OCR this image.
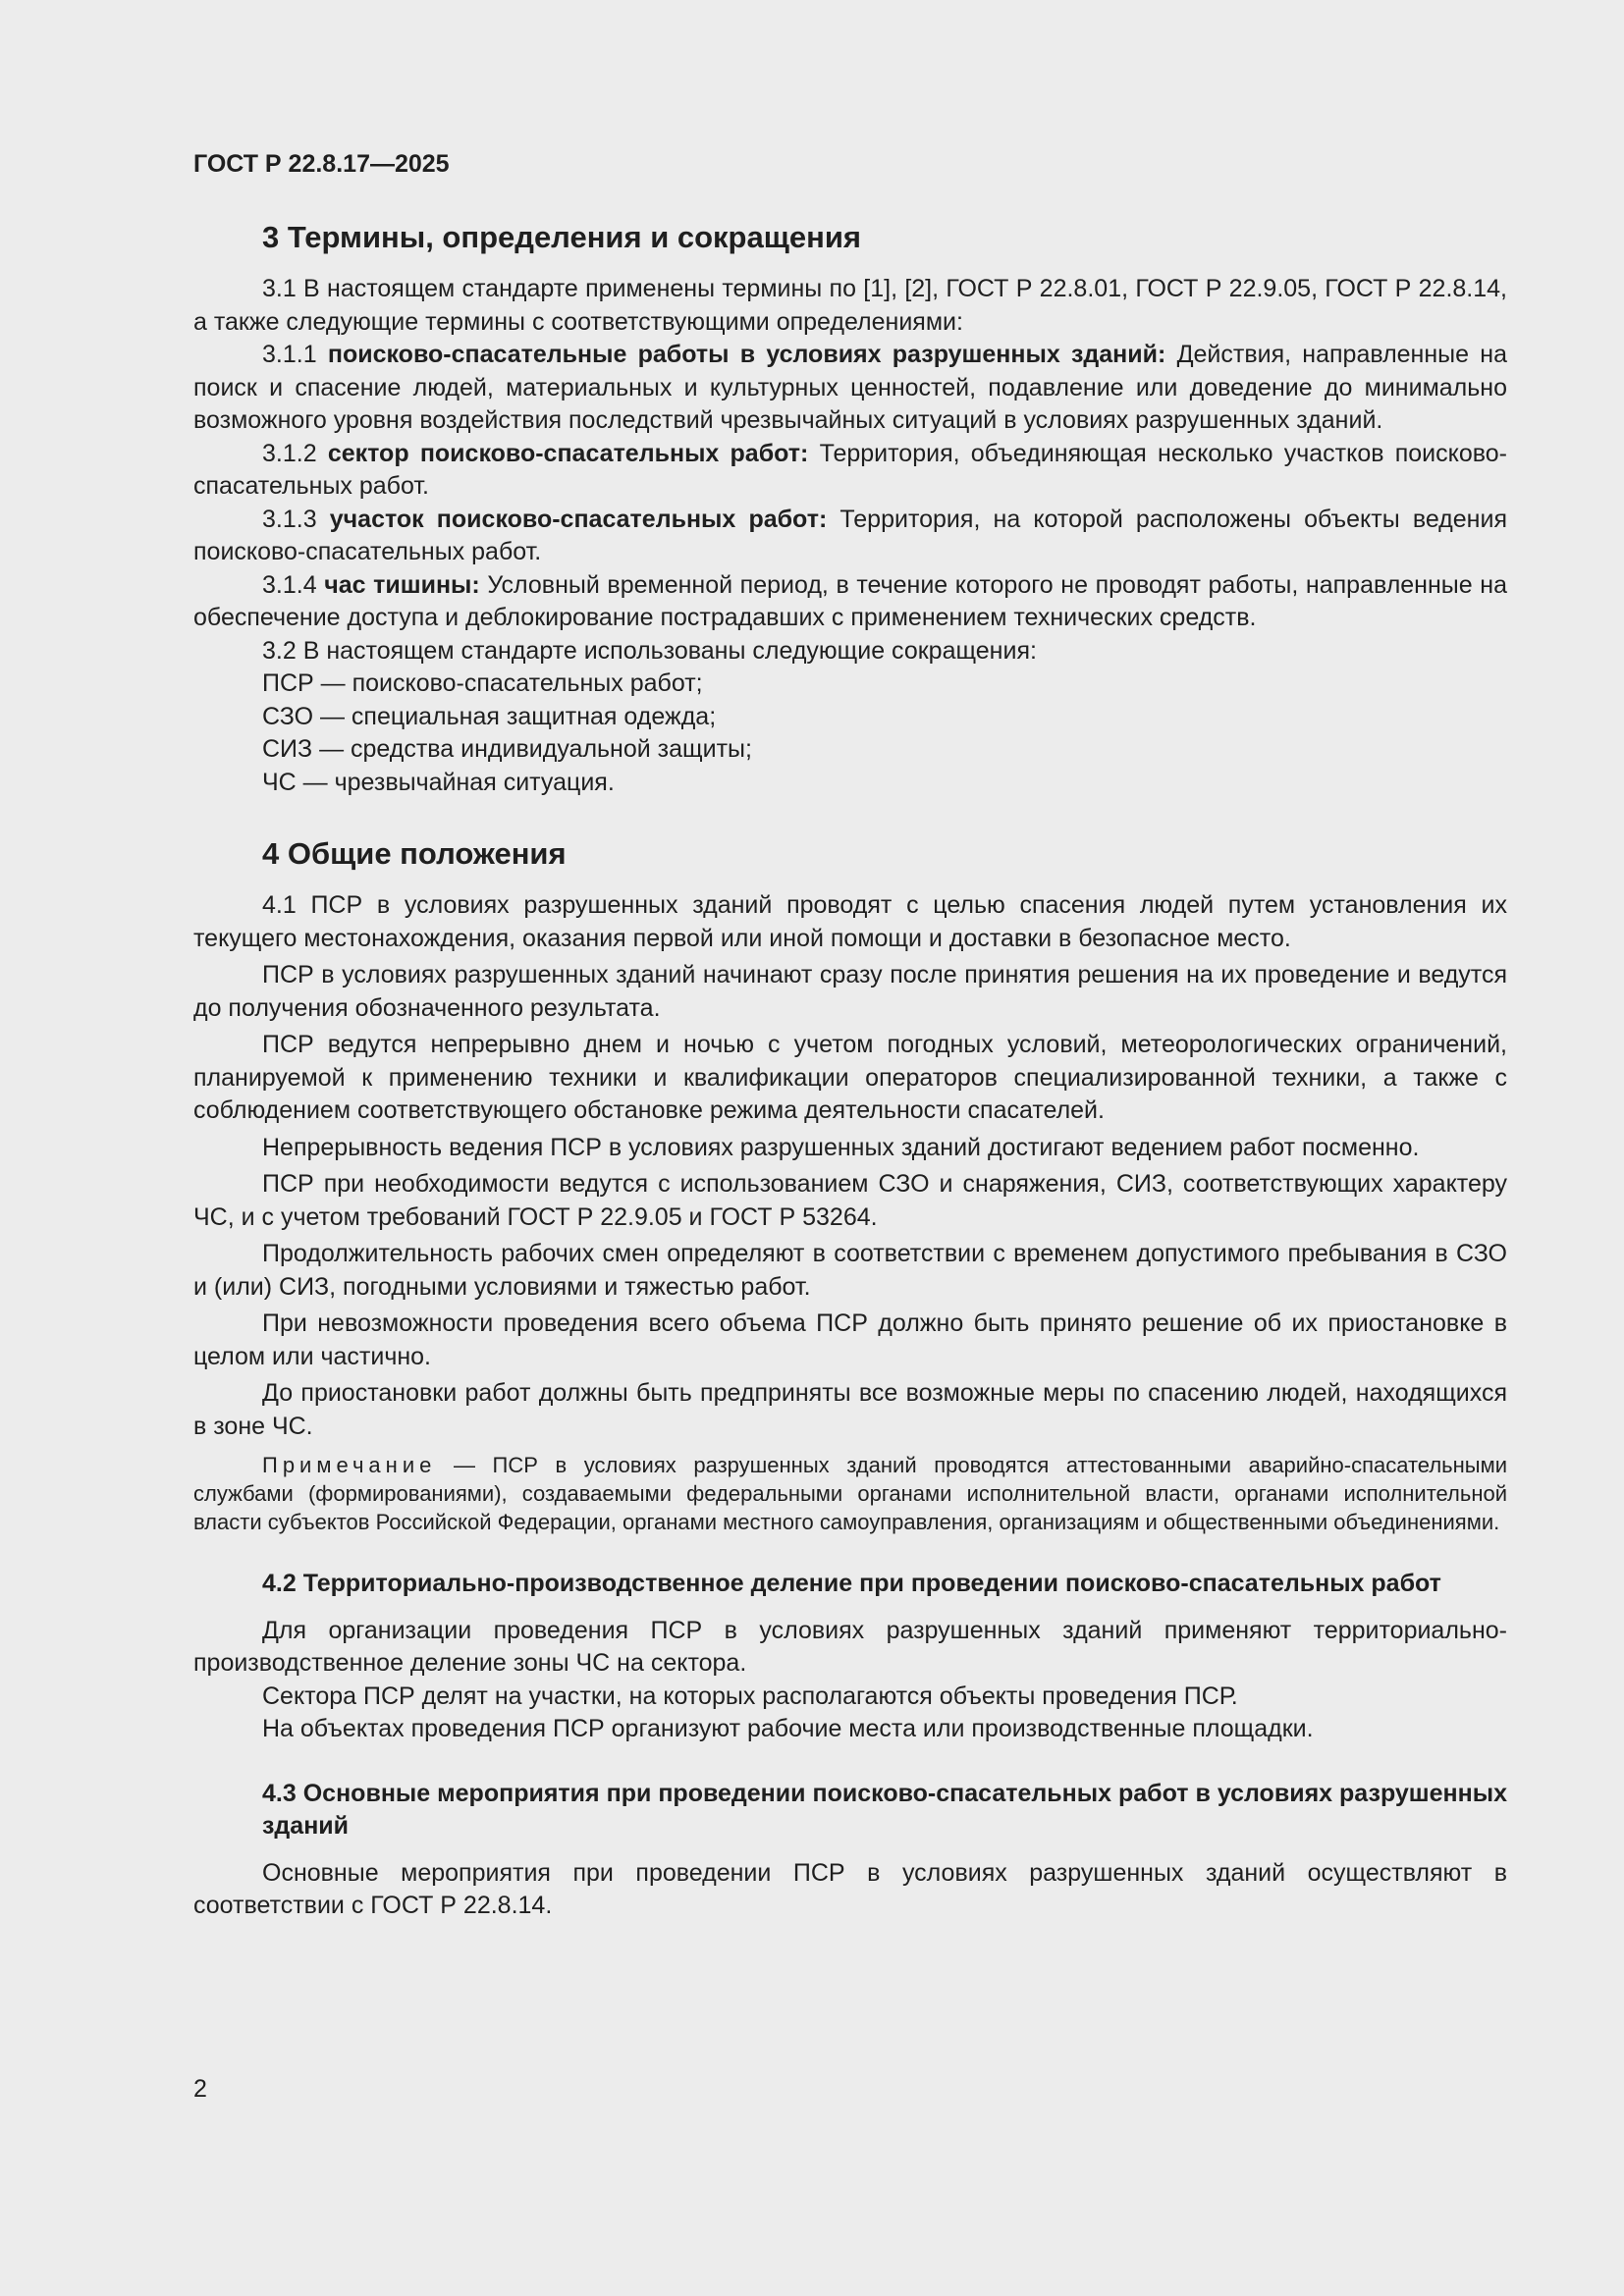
ГОСТ Р 22.8.17—2025
3 Термины, определения и сокращения

3.1 В настоящем стандарте применены термины по [1], [2], ГОСТ Р 22.8.01, ГОСТ Р 22.9.05, ГОСТ Р 22.8.14, а также следующие термины с соответствующими определениями:

3.1.1 поисково-спасательные работы в условиях разрушенных зданий: Действия, направленные на поиск и спасение людей, материальных и культурных ценностей, подавление или доведение до минимально возможного уровня воздействия последствий чрезвычайных ситуаций в условиях разрушенных зданий.

3.1.2 сектор поисково-спасательных работ: Территория, объединяющая несколько участков поисково-спасательных работ.

3.1.3 участок поисково-спасательных работ: Территория, на которой расположены объекты ведения поисково-спасательных работ.

3.1.4 час тишины: Условный временной период, в течение которого не проводят работы, направленные на обеспечение доступа и деблокирование пострадавших с применением технических средств.

3.2 В настоящем стандарте использованы следующие сокращения:

ПСР — поисково-спасательных работ;
СЗО — специальная защитная одежда;
СИЗ — средства индивидуальной защиты;
ЧС — чрезвычайная ситуация.
4 Общие положения

4.1 ПСР в условиях разрушенных зданий проводят с целью спасения людей путем установления их текущего местонахождения, оказания первой или иной помощи и доставки в безопасное место.

ПСР в условиях разрушенных зданий начинают сразу после принятия решения на их проведение и ведутся до получения обозначенного результата.

ПСР ведутся непрерывно днем и ночью с учетом погодных условий, метеорологических ограничений, планируемой к применению техники и квалификации операторов специализированной техники, а также с соблюдением соответствующего обстановке режима деятельности спасателей.

Непрерывность ведения ПСР в условиях разрушенных зданий достигают ведением работ посменно.

ПСР при необходимости ведутся с использованием СЗО и снаряжения, СИЗ, соответствующих характеру ЧС, и с учетом требований ГОСТ Р 22.9.05 и ГОСТ Р 53264.

Продолжительность рабочих смен определяют в соответствии с временем допустимого пребывания в СЗО и (или) СИЗ, погодными условиями и тяжестью работ.

При невозможности проведения всего объема ПСР должно быть принято решение об их приостановке в целом или частично.

До приостановки работ должны быть предприняты все возможные меры по спасению людей, находящихся в зоне ЧС.

Примечание — ПСР в условиях разрушенных зданий проводятся аттестованными аварийно-спасательными службами (формированиями), создаваемыми федеральными органами исполнительной власти, органами исполнительной власти субъектов Российской Федерации, органами местного самоуправления, организациям и общественными объединениями.

4.2 Территориально-производственное деление при проведении поисково-спасательных работ

Для организации проведения ПСР в условиях разрушенных зданий применяют территориально-производственное деление зоны ЧС на сектора.

Сектора ПСР делят на участки, на которых располагаются объекты проведения ПСР.

На объектах проведения ПСР организуют рабочие места или производственные площадки.

4.3 Основные мероприятия при проведении поисково-спасательных работ в условиях разрушенных зданий

Основные мероприятия при проведении ПСР в условиях разрушенных зданий осуществляют в соответствии с ГОСТ Р 22.8.14.

2
